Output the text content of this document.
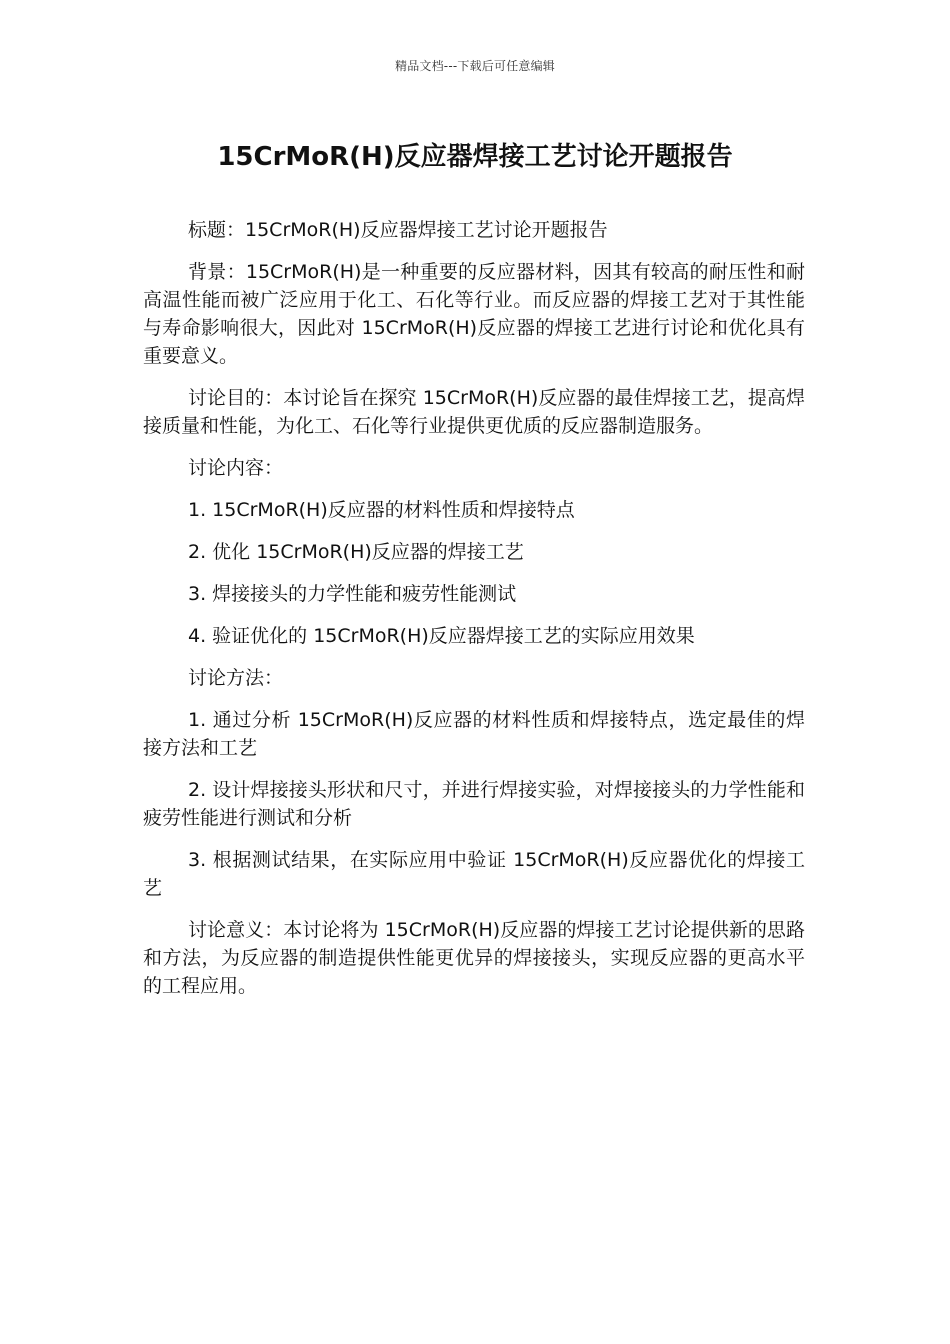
精品文档---下载后可任意编辑
15CrMoR(H)反应器焊接工艺讨论开题报告

标题：15CrMoR(H)反应器焊接工艺讨论开题报告

背景：15CrMoR(H)是一种重要的反应器材料，因其有较高的耐压性和耐高温性能而被广泛应用于化工、石化等行业。而反应器的焊接工艺对于其性能与寿命影响很大，因此对 15CrMoR(H)反应器的焊接工艺进行讨论和优化具有重要意义。

讨论目的：本讨论旨在探究 15CrMoR(H)反应器的最佳焊接工艺，提高焊接质量和性能，为化工、石化等行业提供更优质的反应器制造服务。

讨论内容：

1. 15CrMoR(H)反应器的材料性质和焊接特点

2. 优化 15CrMoR(H)反应器的焊接工艺

3. 焊接接头的力学性能和疲劳性能测试

4. 验证优化的 15CrMoR(H)反应器焊接工艺的实际应用效果

讨论方法：

1. 通过分析 15CrMoR(H)反应器的材料性质和焊接特点，选定最佳的焊接方法和工艺

2. 设计焊接接头形状和尺寸，并进行焊接实验，对焊接接头的力学性能和疲劳性能进行测试和分析

3. 根据测试结果，在实际应用中验证 15CrMoR(H)反应器优化的焊接工艺

讨论意义：本讨论将为 15CrMoR(H)反应器的焊接工艺讨论提供新的思路和方法，为反应器的制造提供性能更优异的焊接接头，实现反应器的更高水平的工程应用。
